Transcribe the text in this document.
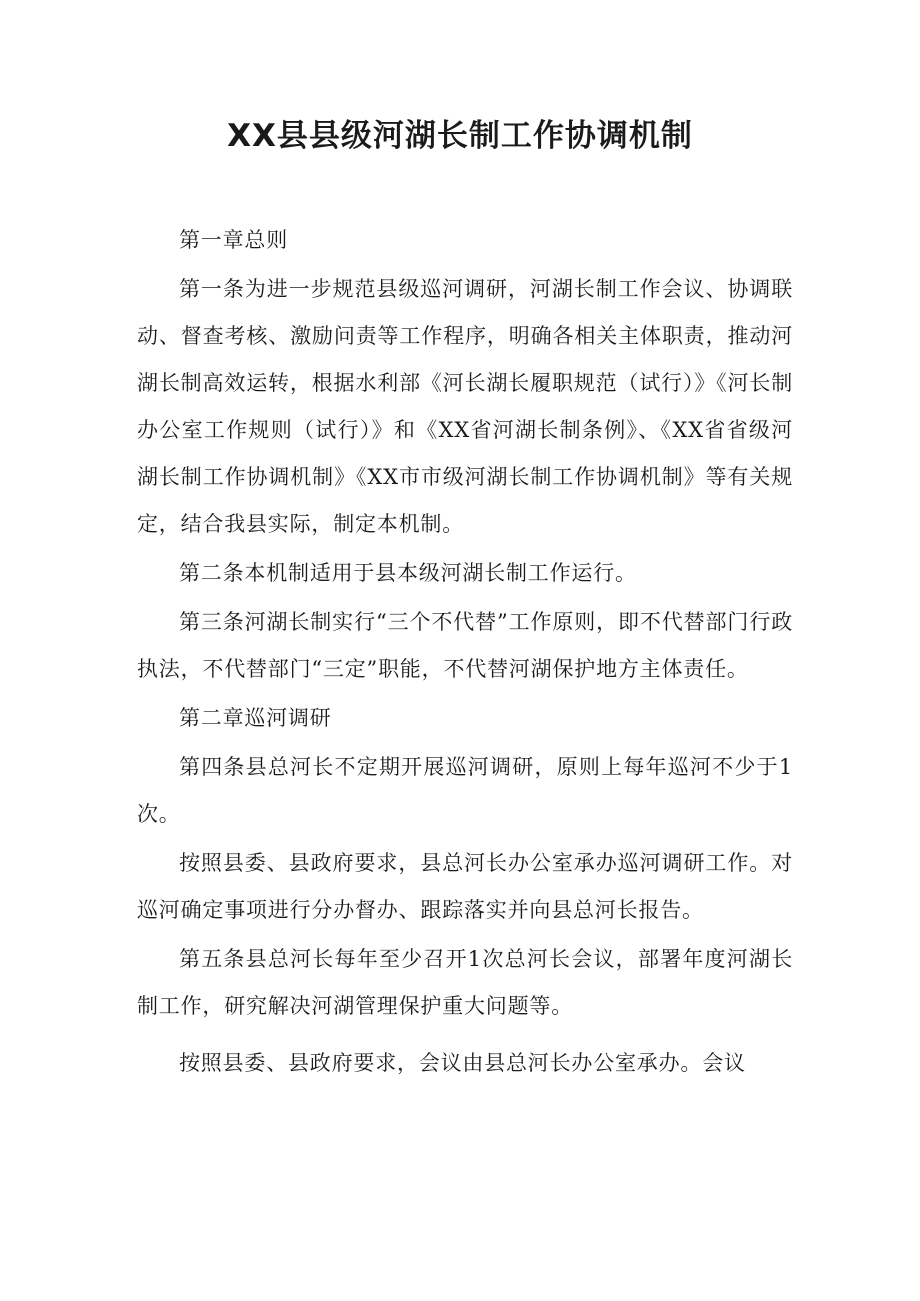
XX县县级河湖长制工作协调机制

第一章总则

第一条为进一步规范县级巡河调研，河湖长制工作会议、协调联动、督查考核、激励问责等工作程序，明确各相关主体职责，推动河湖长制高效运转，根据水利部《河长湖长履职规范（试行）》《河长制办公室工作规则（试行）》和《XX省河湖长制条例》、《XX省省级河湖长制工作协调机制》《XX市市级河湖长制工作协调机制》等有关规定，结合我县实际，制定本机制。

第二条本机制适用于县本级河湖长制工作运行。

第三条河湖长制实行“三个不代替”工作原则，即不代替部门行政执法，不代替部门“三定”职能，不代替河湖保护地方主体责任。

第二章巡河调研

第四条县总河长不定期开展巡河调研，原则上每年巡河不少于1次。

按照县委、县政府要求，县总河长办公室承办巡河调研工作。对巡河确定事项进行分办督办、跟踪落实并向县总河长报告。

第五条县总河长每年至少召开1次总河长会议，部署年度河湖长制工作，研究解决河湖管理保护重大问题等。

按照县委、县政府要求，会议由县总河长办公室承办。会议
